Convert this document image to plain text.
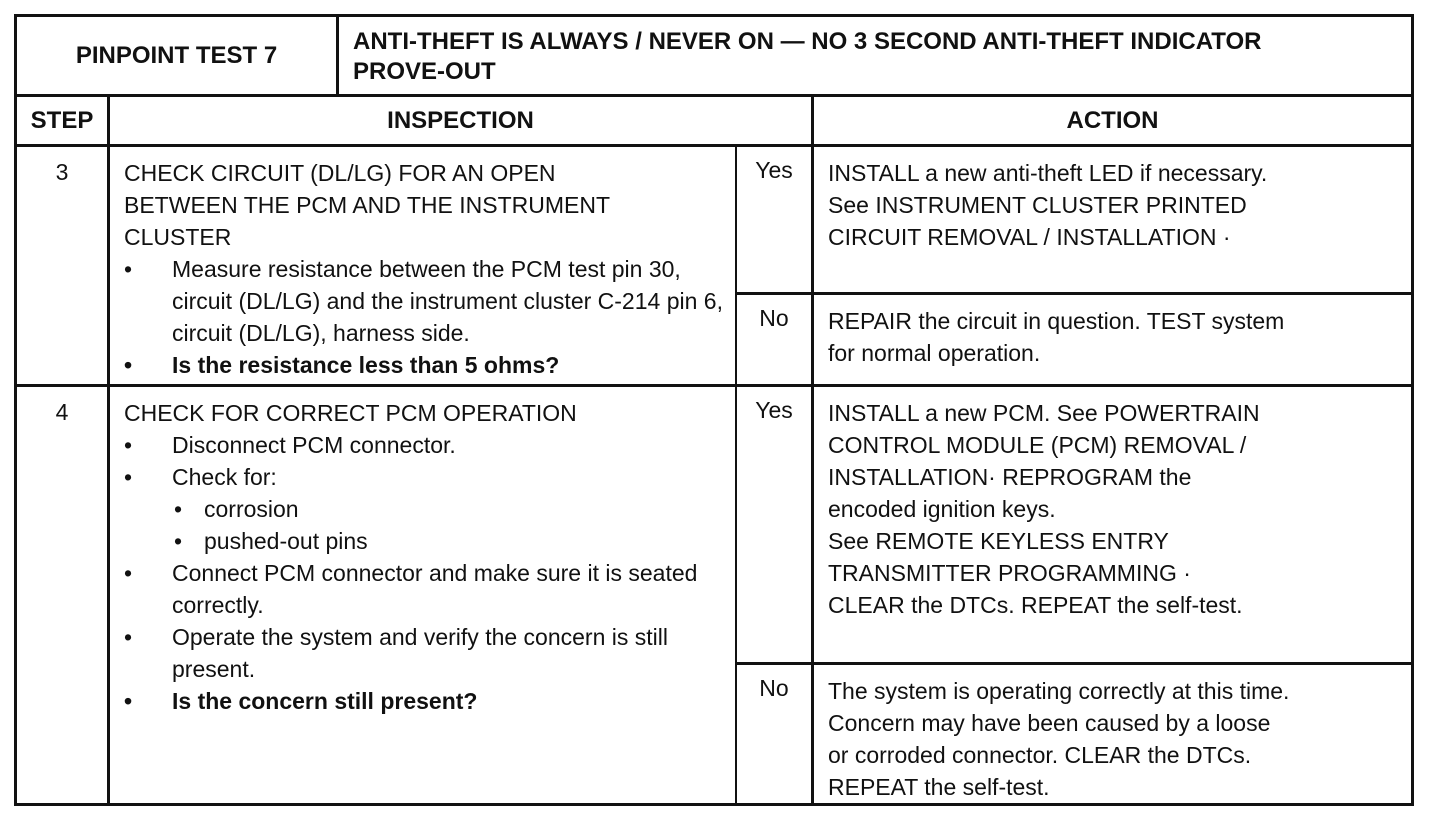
PINPOINT TEST 7	ANTI-THEFT IS ALWAYS / NEVER ON — NO 3 SECOND ANTI-THEFT INDICATOR
PROVE-OUT
STEP	INSPECTION	ACTION
3	CHECK CIRCUIT (DL/LG) FOR AN OPEN
BETWEEN THE PCM AND THE INSTRUMENT
CLUSTER
• Measure resistance between the PCM test pin 30, circuit (DL/LG) and the instrument cluster C-214 pin 6, circuit (DL/LG), harness side.
• Is the resistance less than 5 ohms?
Yes	INSTALL a new anti-theft LED if necessary.
See INSTRUMENT CLUSTER PRINTED
CIRCUIT REMOVAL / INSTALLATION ·
No	REPAIR the circuit in question. TEST system
for normal operation.
4	CHECK FOR CORRECT PCM OPERATION
• Disconnect PCM connector.
• Check for:
• corrosion
• pushed-out pins
• Connect PCM connector and make sure it is seated correctly.
• Operate the system and verify the concern is still present.
• Is the concern still present?
Yes	INSTALL a new PCM. See POWERTRAIN
CONTROL MODULE (PCM) REMOVAL /
INSTALLATION· REPROGRAM the
encoded ignition keys.
See REMOTE KEYLESS ENTRY
TRANSMITTER PROGRAMMING ·
CLEAR the DTCs. REPEAT the self-test.
No	The system is operating correctly at this time.
Concern may have been caused by a loose
or corroded connector. CLEAR the DTCs.
REPEAT the self-test.
